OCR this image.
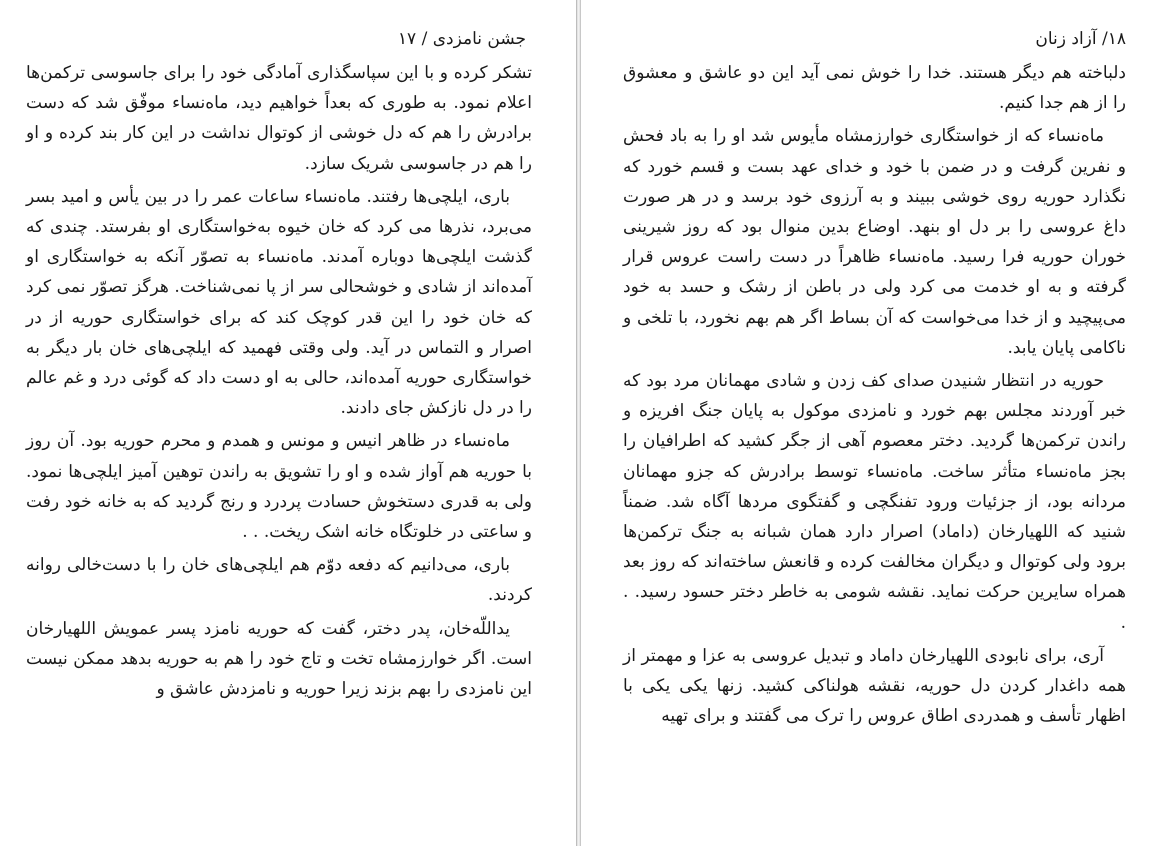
جشن نامزدی / ۱۷

تشکر کرده و با این سپاسگذاری آمادگی خود را برای جاسوسی ترکمن‌ها اعلام نمود. به طوری که بعداً خواهیم دید، ماه‌نساء موفّق شد که دست برادرش را هم که دل خوشی از کوتوال نداشت در این کار بند کرده و او را هم در جاسوسی شریک سازد.

باری، ایلچی‌ها رفتند. ماه‌نساء ساعات عمر را در بین یأس و امید بسر می‌برد، نذرها می کرد که خان خیوه به‌خواستگاری او بفرستد. چندی که گذشت ایلچی‌ها دوباره آمدند. ماه‌نساء به تصوّر آنکه به خواستگاری او آمده‌اند از شادی و خوشحالی سر از پا نمی‌شناخت. هرگز تصوّر نمی کرد که خان خود را این قدر کوچک کند که برای خواستگاری حوریه از در اصرار و التماس در آید. ولی وقتی فهمید که ایلچی‌های خان بار دیگر به خواستگاری حوریه آمده‌اند، حالی به او دست داد که گوئی درد و غم عالم را در دل نازکش جای دادند.

ماه‌نساء در ظاهر انیس و مونس و همدم و محرم حوریه بود. آن روز با حوریه هم آواز شده و او را تشویق به راندن توهین آمیز ایلچی‌ها نمود. ولی به قدری دستخوش حسادت پردرد و رنج گردید که به خانه خود رفت و ساعتی در خلوتگاه خانه اشک ریخت. . .

باری، می‌دانیم که دفعه دوّم هم ایلچی‌های خان را با دست‌خالی روانه کردند.

یداللّه‌خان، پدر دختر، گفت که حوریه نامزد پسر عمویش اللهیارخان است. اگر خوارزمشاه تخت و تاج خود را هم به حوریه بدهد ممکن نیست این نامزدی را بهم بزند زیرا حوریه و نامزدش عاشق و

۱۸/ آزاد زنان

دلباخته هم دیگر هستند. خدا را خوش نمی آید این دو عاشق و معشوق را از هم جدا کنیم.

ماه‌نساء که از خواستگاری خوارزمشاه مأیوس شد او را به باد فحش و نفرین گرفت و در ضمن با خود و خدای عهد بست و قسم خورد که نگذارد حوریه روی خوشی ببیند و به آرزوی خود برسد و در هر صورت داغ عروسی را بر دل او بنهد. اوضاع بدین منوال بود که روز شیرینی خوران حوریه فرا رسید. ماه‌نساء ظاهراً در دست راست عروس قرار گرفته و به او خدمت می کرد ولی در باطن از رشک و حسد به خود می‌پیچید و از خدا می‌خواست که آن بساط اگر هم بهم نخورد، با تلخی و ناکامی پایان یابد.

حوریه در انتظار شنیدن صدای کف زدن و شادی مهمانان مرد بود که خبر آوردند مجلس بهم خورد و نامزدی موکول به پایان جنگ افریزه و راندن ترکمن‌ها گردید. دختر معصوم آهی از جگر کشید که اطرافیان را بجز ماه‌نساء متأثر ساخت. ماه‌نساء توسط برادرش که جزو مهمانان مردانه بود، از جزئیات ورود تفنگچی و گفتگوی مردها آگاه شد. ضمناً شنید که اللهیارخان (داماد) اصرار دارد همان شبانه به جنگ ترکمن‌ها برود ولی کوتوال و دیگران مخالفت کرده و قانعش ساخته‌اند که روز بعد همراه سایرین حرکت نماید. نقشه شومی به خاطر دختر حسود رسید. . .

آری، برای نابودی اللهیارخان داماد و تبدیل عروسی به عزا و مهمتر از همه داغدار کردن دل حوریه، نقشه هولناکی کشید. زنها یکی یکی با اظهار تأسف و همدردی اطاق عروس را ترک می گفتند و برای تهیه
